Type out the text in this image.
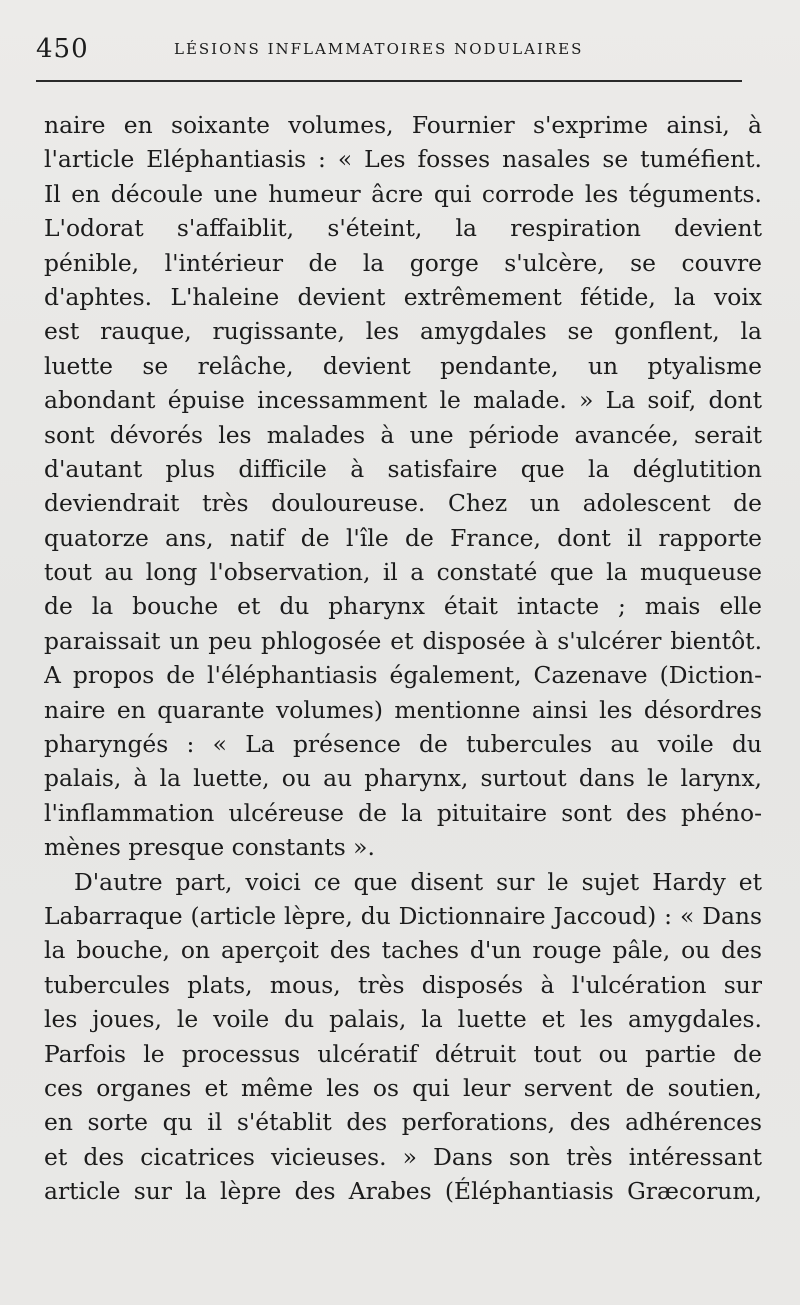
450	LÉSIONS INFLAMMATOIRES NODULAIRES
naire en soixante volumes, Fournier s'exprime ainsi, à
l'article Eléphantiasis : « Les fosses nasales se tuméfient.
Il en découle une humeur âcre qui corrode les téguments.
L'odorat s'affaiblit, s'éteint, la respiration devient
pénible, l'intérieur de la gorge s'ulcère, se couvre
d'aphtes. L'haleine devient extrêmement fétide, la voix
est rauque, rugissante, les amygdales se gonflent, la
luette se relâche, devient pendante, un ptyalisme
abondant épuise incessamment le malade. » La soif, dont
sont dévorés les malades à une période avancée, serait
d'autant plus difficile à satisfaire que la déglutition
deviendrait très douloureuse. Chez un adolescent de
quatorze ans, natif de l'île de France, dont il rapporte
tout au long l'observation, il a constaté que la muqueuse
de la bouche et du pharynx était intacte ; mais elle
paraissait un peu phlogosée et disposée à s'ulcérer bientôt.
A propos de l'éléphantiasis également, Cazenave (Diction-
naire en quarante volumes) mentionne ainsi les désordres
pharyngés : « La présence de tubercules au voile du
palais, à la luette, ou au pharynx, surtout dans le larynx,
l'inflammation ulcéreuse de la pituitaire sont des phéno-
mènes presque constants ».
D'autre part, voici ce que disent sur le sujet Hardy et
Labarraque (article lèpre, du Dictionnaire Jaccoud) : « Dans
la bouche, on aperçoit des taches d'un rouge pâle, ou des
tubercules plats, mous, très disposés à l'ulcération sur
les joues, le voile du palais, la luette et les amygdales.
Parfois le processus ulcératif détruit tout ou partie de
ces organes et même les os qui leur servent de soutien,
en sorte qu il s'établit des perforations, des adhérences
et des cicatrices vicieuses. » Dans son très intéressant
article sur la lèpre des Arabes (Éléphantiasis Græcorum,
